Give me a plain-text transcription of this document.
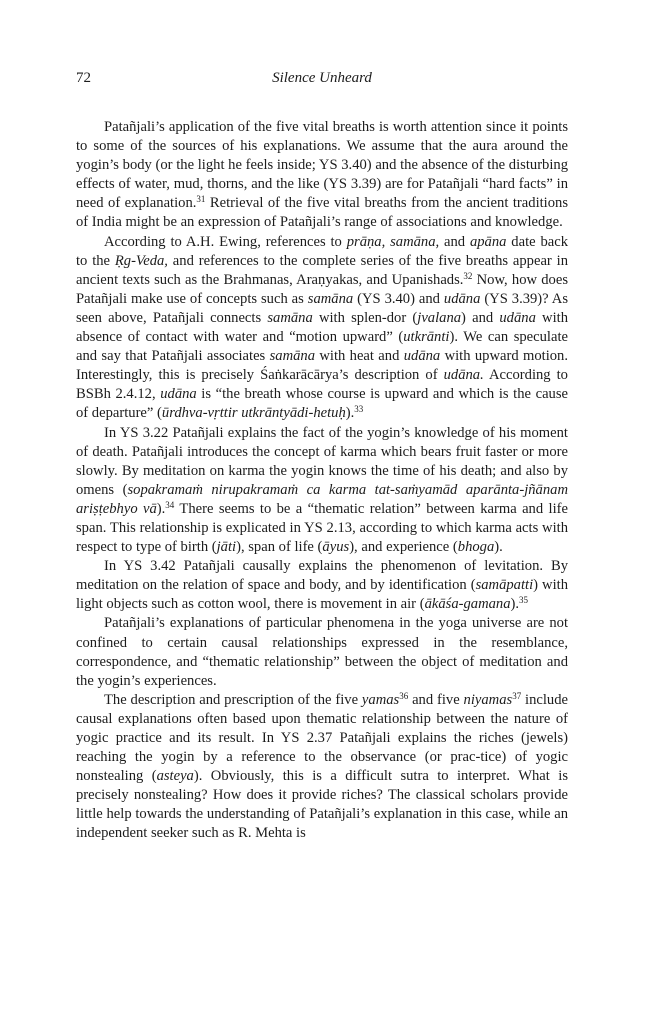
72	Silence Unheard

Patañjali’s application of the five vital breaths is worth attention since it points to some of the sources of his explanations. We assume that the aura around the yogin’s body (or the light he feels inside; YS 3.40) and the absence of the disturbing effects of water, mud, thorns, and the like (YS 3.39) are for Patañjali “hard facts” in need of explanation.$^{31}$ Retrieval of the five vital breaths from the ancient traditions of India might be an expression of Patañjali’s range of associations and knowledge.

According to A.H. Ewing, references to prāṇa, samāna, and apāna date back to the Ṛg-Veda, and references to the complete series of the five breaths appear in ancient texts such as the Brahmanas, Araṇyakas, and Upanishads.$^{32}$ Now, how does Patañjali make use of concepts such as samāna (YS 3.40) and udāna (YS 3.39)? As seen above, Patañjali connects samāna with splen-dor (jvalana) and udāna with absence of contact with water and “motion upward” (utkrānti). We can speculate and say that Patañjali associates samāna with heat and udāna with upward motion. Interestingly, this is precisely Śaṅkarācārya’s description of udāna. According to BSBh 2.4.12, udāna is “the breath whose course is upward and which is the cause of departure” (ūrdhva-vṛttir utkrāntyādi-hetuḥ).$^{33}$

In YS 3.22 Patañjali explains the fact of the yogin’s knowledge of his moment of death. Patañjali introduces the concept of karma which bears fruit faster or more slowly. By meditation on karma the yogin knows the time of his death; and also by omens (sopakramaṁ nirupakramaṁ ca karma tat-saṁyamād aparānta-jñānam ariṣṭebhyo vā).$^{34}$ There seems to be a “thematic relation” between karma and life span. This relationship is explicated in YS 2.13, according to which karma acts with respect to type of birth (jāti), span of life (āyus), and experience (bhoga).

In YS 3.42 Patañjali causally explains the phenomenon of levitation. By meditation on the relation of space and body, and by identification (samāpatti) with light objects such as cotton wool, there is movement in air (ākāśa-gamana).$^{35}$

Patañjali’s explanations of particular phenomena in the yoga universe are not confined to certain causal relationships expressed in the resemblance, correspondence, and “thematic relationship” between the object of meditation and the yogin’s experiences.

The description and prescription of the five yamas$^{36}$ and five niyamas$^{37}$ include causal explanations often based upon thematic relationship between the nature of yogic practice and its result. In YS 2.37 Patañjali explains the riches (jewels) reaching the yogin by a reference to the observance (or prac-tice) of yogic nonstealing (asteya). Obviously, this is a difficult sutra to interpret. What is precisely nonstealing? How does it provide riches? The classical scholars provide little help towards the understanding of Patañjali’s explanation in this case, while an independent seeker such as R. Mehta is
